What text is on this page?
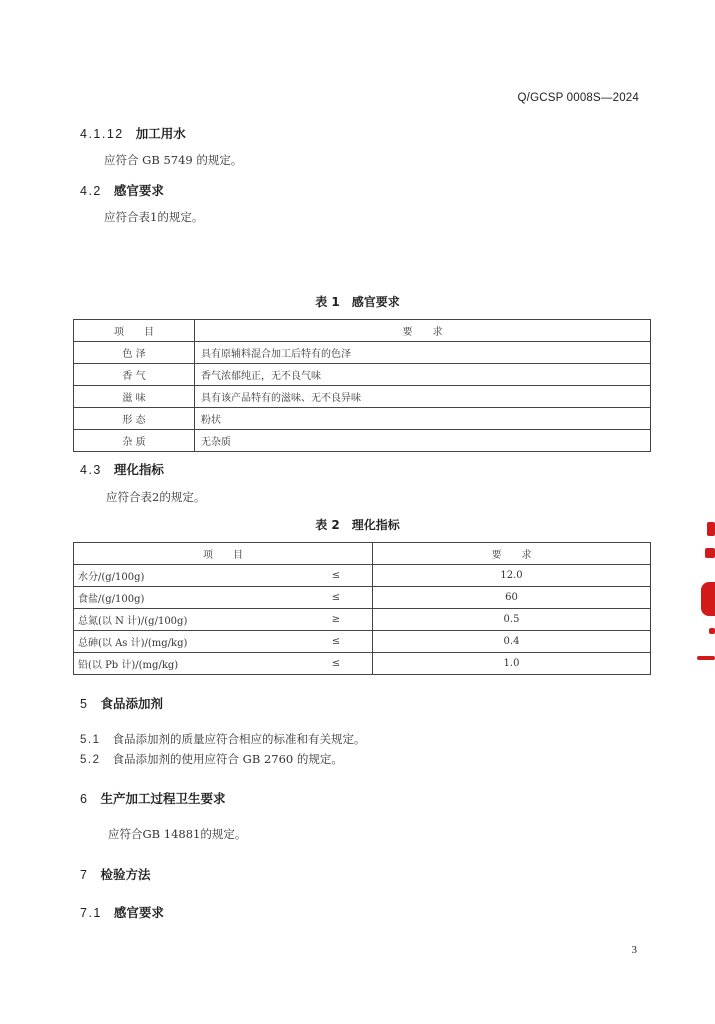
Q/GCSP 0008S—2024
4.1.12 加工用水
应符合 GB 5749 的规定。
4.2 感官要求
应符合表1的规定。
表 1　感官要求
项　　目	要　　求
色 泽	具有原辅料混合加工后特有的色泽
香 气	香气浓郁纯正，无不良气味
滋 味	具有该产品特有的滋味、无不良异味
形 态	粉状
杂 质	无杂质
4.3 理化指标
应符合表2的规定。
表 2　理化指标
项　　目		要　　求
水分/(g/100g)	≤	12.0
食盐/(g/100g)	≤	60
总氮(以 N 计)/(g/100g)	≥	0.5
总砷(以 As 计)/(mg/kg)	≤	0.4
铅(以 Pb 计)/(mg/kg)	≤	1.0
5 食品添加剂
5.1 食品添加剂的质量应符合相应的标准和有关规定。
5.2 食品添加剂的使用应符合 GB 2760 的规定。
6 生产加工过程卫生要求
应符合GB 14881的规定。
7 检验方法
7.1 感官要求
3
